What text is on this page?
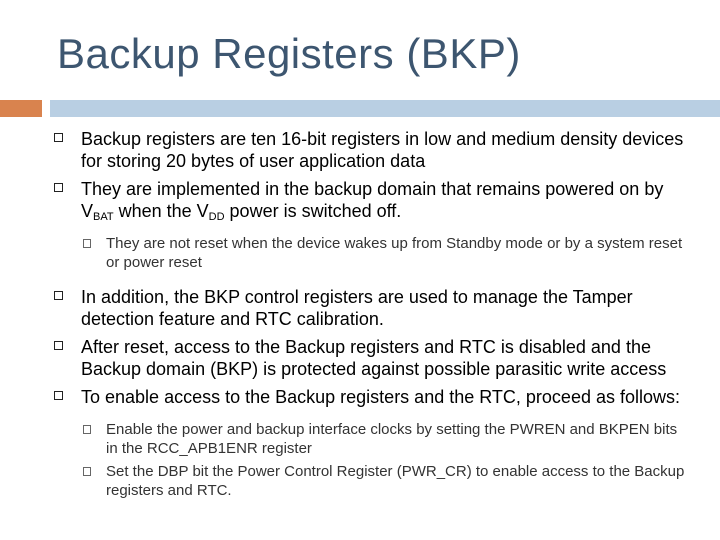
Backup Registers (BKP)
Backup registers are ten 16-bit registers in low and medium density devices for storing 20 bytes of user application data
They are implemented in the backup domain that remains powered on by $V_{BAT}$ when the $V_{DD}$ power is switched off.
They are not reset when the device wakes up from Standby mode or by a system reset or power reset
In addition, the BKP control registers are used to manage the Tamper detection feature and RTC calibration.
After reset, access to the Backup registers and RTC is disabled and the Backup domain (BKP) is protected against possible parasitic write access
To enable access to the Backup registers and the RTC, proceed as follows:
Enable the power and backup interface clocks by setting the PWREN and BKPEN bits in the RCC_APB1ENR register
Set the DBP bit the Power Control Register (PWR_CR) to enable access to the Backup registers and RTC.
